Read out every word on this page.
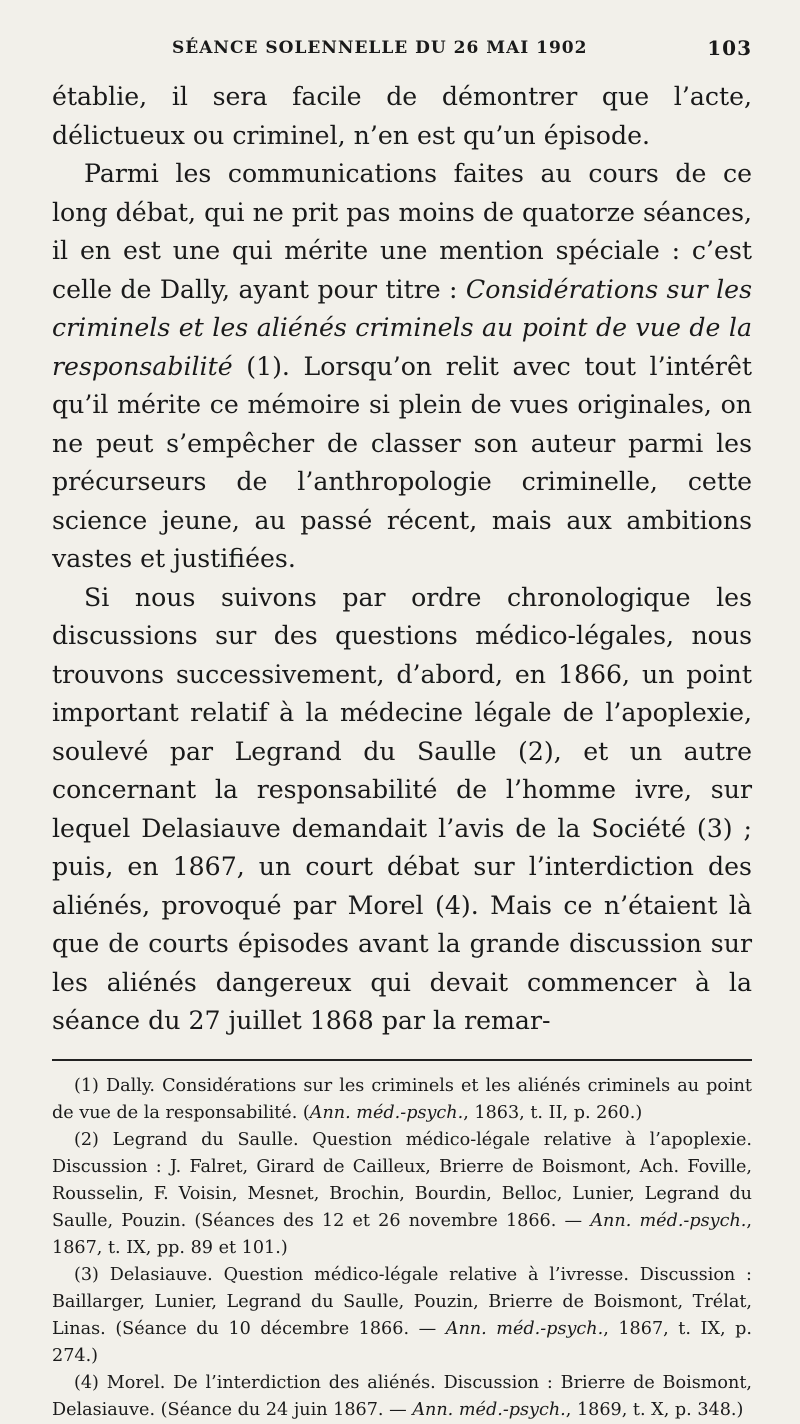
SÉANCE SOLENNELLE DU 26 MAI 1902	103

établie, il sera facile de démontrer que l’acte, délictueux ou criminel, n’en est qu’un épisode.

Parmi les communications faites au cours de ce long débat, qui ne prit pas moins de quatorze séances, il en est une qui mérite une mention spéciale : c’est celle de Dally, ayant pour titre : Considérations sur les criminels et les aliénés criminels au point de vue de la responsabilité (1). Lorsqu’on relit avec tout l’intérêt qu’il mérite ce mémoire si plein de vues originales, on ne peut s’empêcher de classer son auteur parmi les précurseurs de l’anthropologie criminelle, cette science jeune, au passé récent, mais aux ambitions vastes et justifiées.

Si nous suivons par ordre chronologique les discussions sur des questions médico-légales, nous trouvons successivement, d’abord, en 1866, un point important relatif à la médecine légale de l’apoplexie, soulevé par Legrand du Saulle (2), et un autre concernant la responsabilité de l’homme ivre, sur lequel Delasiauve demandait l’avis de la Société (3) ; puis, en 1867, un court débat sur l’interdiction des aliénés, provoqué par Morel (4). Mais ce n’étaient là que de courts épisodes avant la grande discussion sur les aliénés dangereux qui devait commencer à la séance du 27 juillet 1868 par la remar-

(1) Dally. Considérations sur les criminels et les aliénés criminels au point de vue de la responsabilité. (Ann. méd.-psych., 1863, t. II, p. 260.)

(2) Legrand du Saulle. Question médico-légale relative à l’apoplexie. Discussion : J. Falret, Girard de Cailleux, Brierre de Boismont, Ach. Foville, Rousselin, F. Voisin, Mesnet, Brochin, Bourdin, Belloc, Lunier, Legrand du Saulle, Pouzin. (Séances des 12 et 26 novembre 1866. — Ann. méd.-psych., 1867, t. IX, pp. 89 et 101.)

(3) Delasiauve. Question médico-légale relative à l’ivresse. Discussion : Baillarger, Lunier, Legrand du Saulle, Pouzin, Brierre de Boismont, Trélat, Linas. (Séance du 10 décembre 1866. — Ann. méd.-psych., 1867, t. IX, p. 274.)

(4) Morel. De l’interdiction des aliénés. Discussion : Brierre de Boismont, Delasiauve. (Séance du 24 juin 1867. — Ann. méd.-psych., 1869, t. X, p. 348.)
